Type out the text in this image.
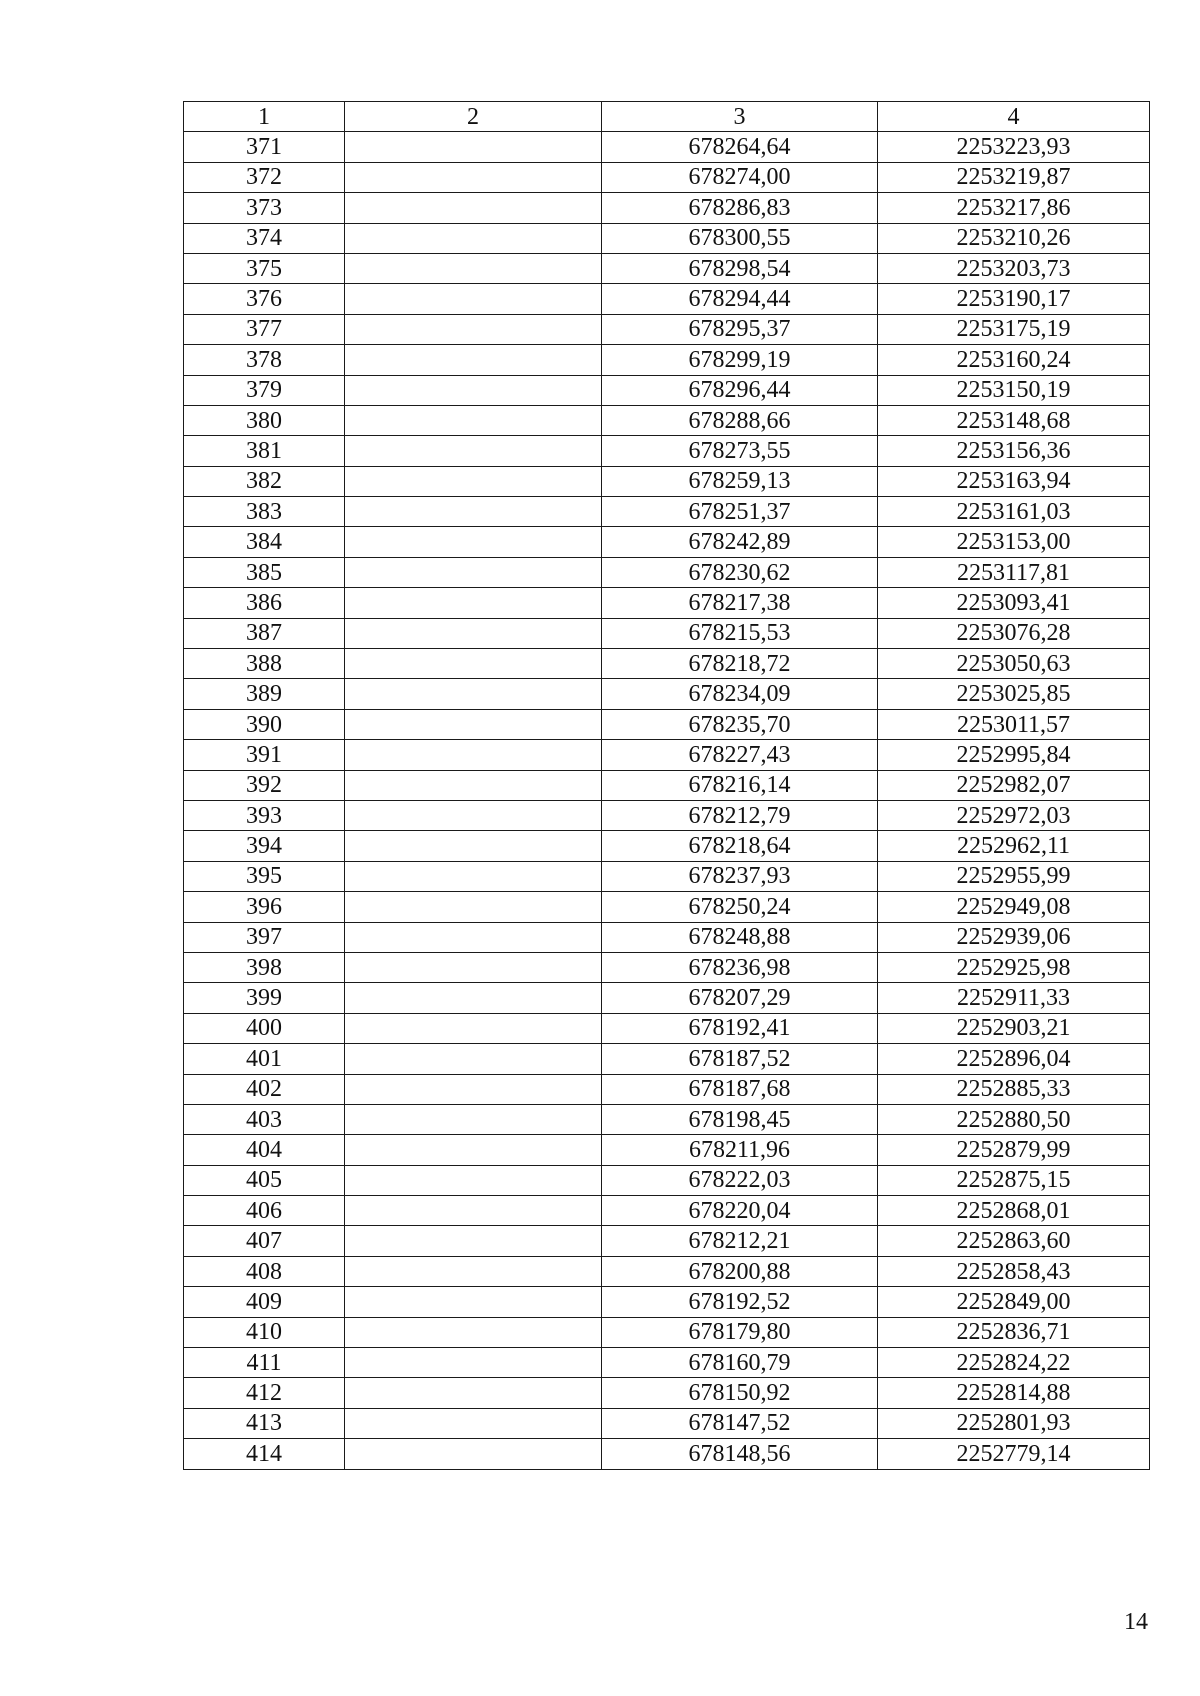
1	2	3	4
371		678264,64	2253223,93
372		678274,00	2253219,87
373		678286,83	2253217,86
374		678300,55	2253210,26
375		678298,54	2253203,73
376		678294,44	2253190,17
377		678295,37	2253175,19
378		678299,19	2253160,24
379		678296,44	2253150,19
380		678288,66	2253148,68
381		678273,55	2253156,36
382		678259,13	2253163,94
383		678251,37	2253161,03
384		678242,89	2253153,00
385		678230,62	2253117,81
386		678217,38	2253093,41
387		678215,53	2253076,28
388		678218,72	2253050,63
389		678234,09	2253025,85
390		678235,70	2253011,57
391		678227,43	2252995,84
392		678216,14	2252982,07
393		678212,79	2252972,03
394		678218,64	2252962,11
395		678237,93	2252955,99
396		678250,24	2252949,08
397		678248,88	2252939,06
398		678236,98	2252925,98
399		678207,29	2252911,33
400		678192,41	2252903,21
401		678187,52	2252896,04
402		678187,68	2252885,33
403		678198,45	2252880,50
404		678211,96	2252879,99
405		678222,03	2252875,15
406		678220,04	2252868,01
407		678212,21	2252863,60
408		678200,88	2252858,43
409		678192,52	2252849,00
410		678179,80	2252836,71
411		678160,79	2252824,22
412		678150,92	2252814,88
413		678147,52	2252801,93
414		678148,56	2252779,14
14
